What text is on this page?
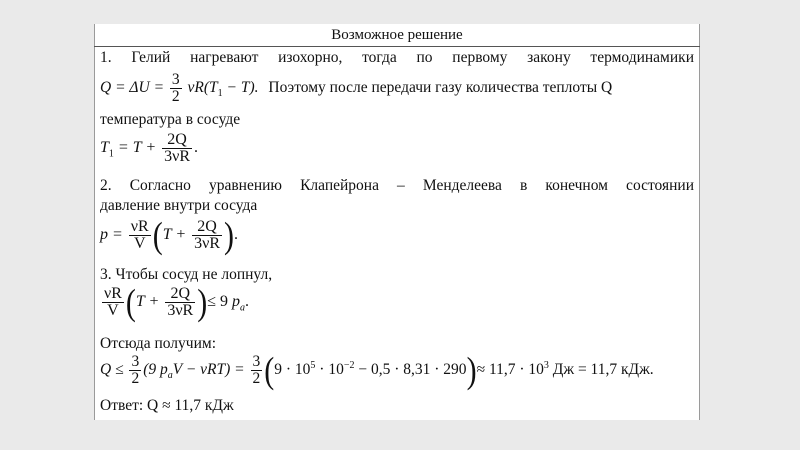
Возможное решение
1. Гелий нагревают изохорно, тогда по первому закону термодинамики
$Q = \Delta U = \frac{3}{2} \nu R(T_1 - T)$. Поэтому после передачи газу количества теплоты Q
температура в сосуде
$T_1 = T + \frac{2Q}{3\nu R}$ .
2. Согласно уравнению Клапейрона – Менделеева в конечном состоянии
давление внутри сосуда
$p = \frac{\nu R}{V} (T + \frac{2Q}{3\nu R}$ ).
3. Чтобы сосуд не лопнул,
$\frac{\nu R}{V} (T + \frac{2Q}{3\nu R}$ )≤ 9 $p_a$.
Отсюда получим:
$Q \le \frac{3}{2} (9$ $p_aV - \nu RT) = \frac{3}{2} (9 \cdot 10^5 \cdot 10^{-2} - 0,5 \cdot 8,31 \cdot 290)\approx 11,7 \cdot 10^3$ Дж = 11,7 кДж.
Ответ: Q ≈ 11,7 кДж
